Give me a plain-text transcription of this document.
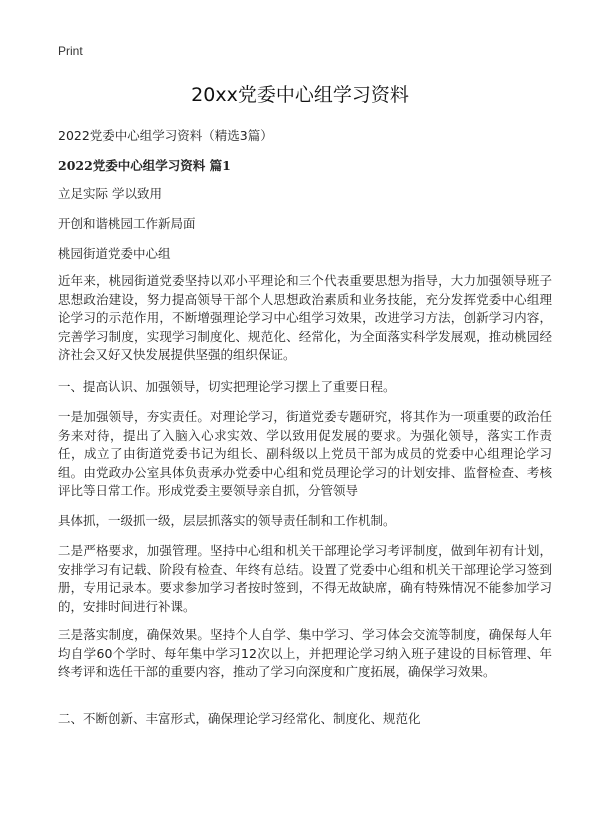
Print
20xx党委中心组学习资料
2022党委中心组学习资料（精选3篇）
2022党委中心组学习资料 篇1
立足实际 学以致用
开创和谐桃园工作新局面
桃园街道党委中心组
近年来，桃园街道党委坚持以邓小平理论和三个代表重要思想为指导，大力加强领导班子思想政治建设，努力提高领导干部个人思想政治素质和业务技能，充分发挥党委中心组理论学习的示范作用，不断增强理论学习中心组学习效果，改进学习方法，创新学习内容，完善学习制度，实现学习制度化、规范化、经常化，为全面落实科学发展观，推动桃园经济社会又好又快发展提供坚强的组织保证。
一、提高认识、加强领导，切实把理论学习摆上了重要日程。
一是加强领导，夯实责任。对理论学习，街道党委专题研究，将其作为一项重要的政治任务来对待，提出了入脑入心求实效、学以致用促发展的要求。为强化领导，落实工作责任，成立了由街道党委书记为组长、副科级以上党员干部为成员的党委中心组理论学习组。由党政办公室具体负责承办党委中心组和党员理论学习的计划安排、监督检查、考核评比等日常工作。形成党委主要领导亲自抓，分管领导
具体抓，一级抓一级，层层抓落实的领导责任制和工作机制。
二是严格要求，加强管理。坚持中心组和机关干部理论学习考评制度，做到年初有计划，安排学习有记载、阶段有检查、年终有总结。设置了党委中心组和机关干部理论学习签到册，专用记录本。要求参加学习者按时签到，不得无故缺席，确有特殊情况不能参加学习的，安排时间进行补课。
三是落实制度，确保效果。坚持个人自学、集中学习、学习体会交流等制度，确保每人年均自学60个学时、每年集中学习12次以上，并把理论学习纳入班子建设的目标管理、年终考评和选任干部的重要内容，推动了学习向深度和广度拓展，确保学习效果。
二、不断创新、丰富形式，确保理论学习经常化、制度化、规范化
